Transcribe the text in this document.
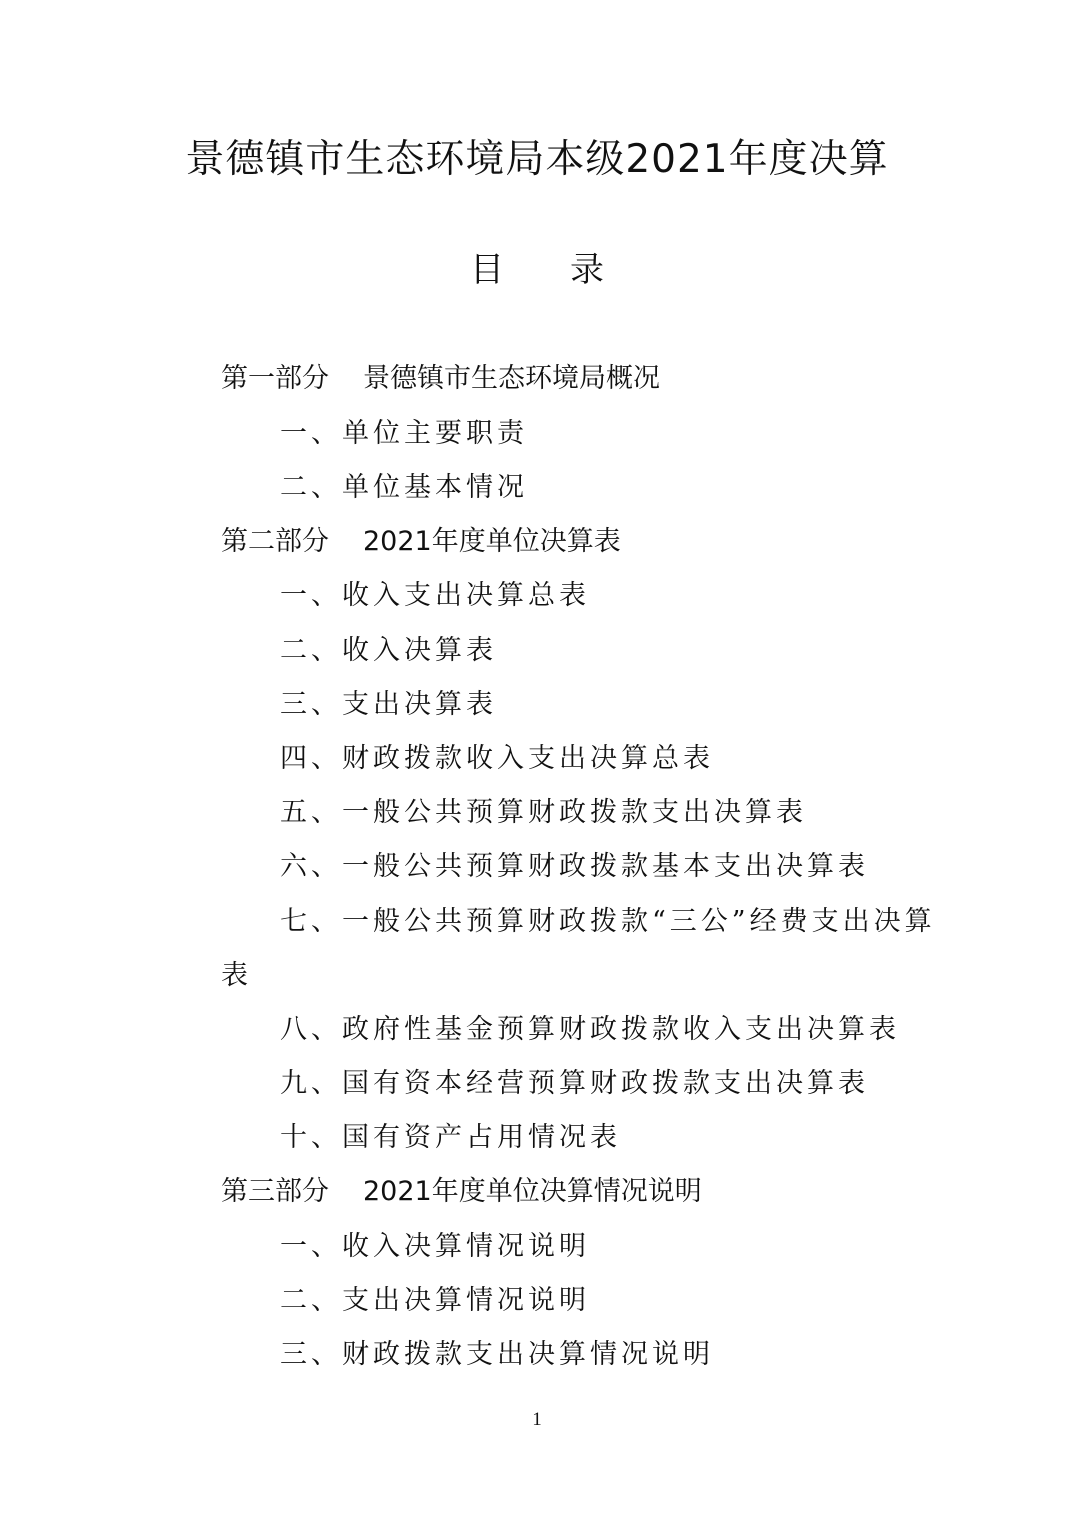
景德镇市生态环境局本级2021年度决算
目 录
第一部分 景德镇市生态环境局概况
一、单位主要职责
二、单位基本情况
第二部分 2021年度单位决算表
一、收入支出决算总表
二、收入决算表
三、支出决算表
四、财政拨款收入支出决算总表
五、一般公共预算财政拨款支出决算表
六、一般公共预算财政拨款基本支出决算表
七、一般公共预算财政拨款“三公”经费支出决算
表
八、政府性基金预算财政拨款收入支出决算表
九、国有资本经营预算财政拨款支出决算表
十、国有资产占用情况表
第三部分 2021年度单位决算情况说明
一、收入决算情况说明
二、支出决算情况说明
三、财政拨款支出决算情况说明
1
